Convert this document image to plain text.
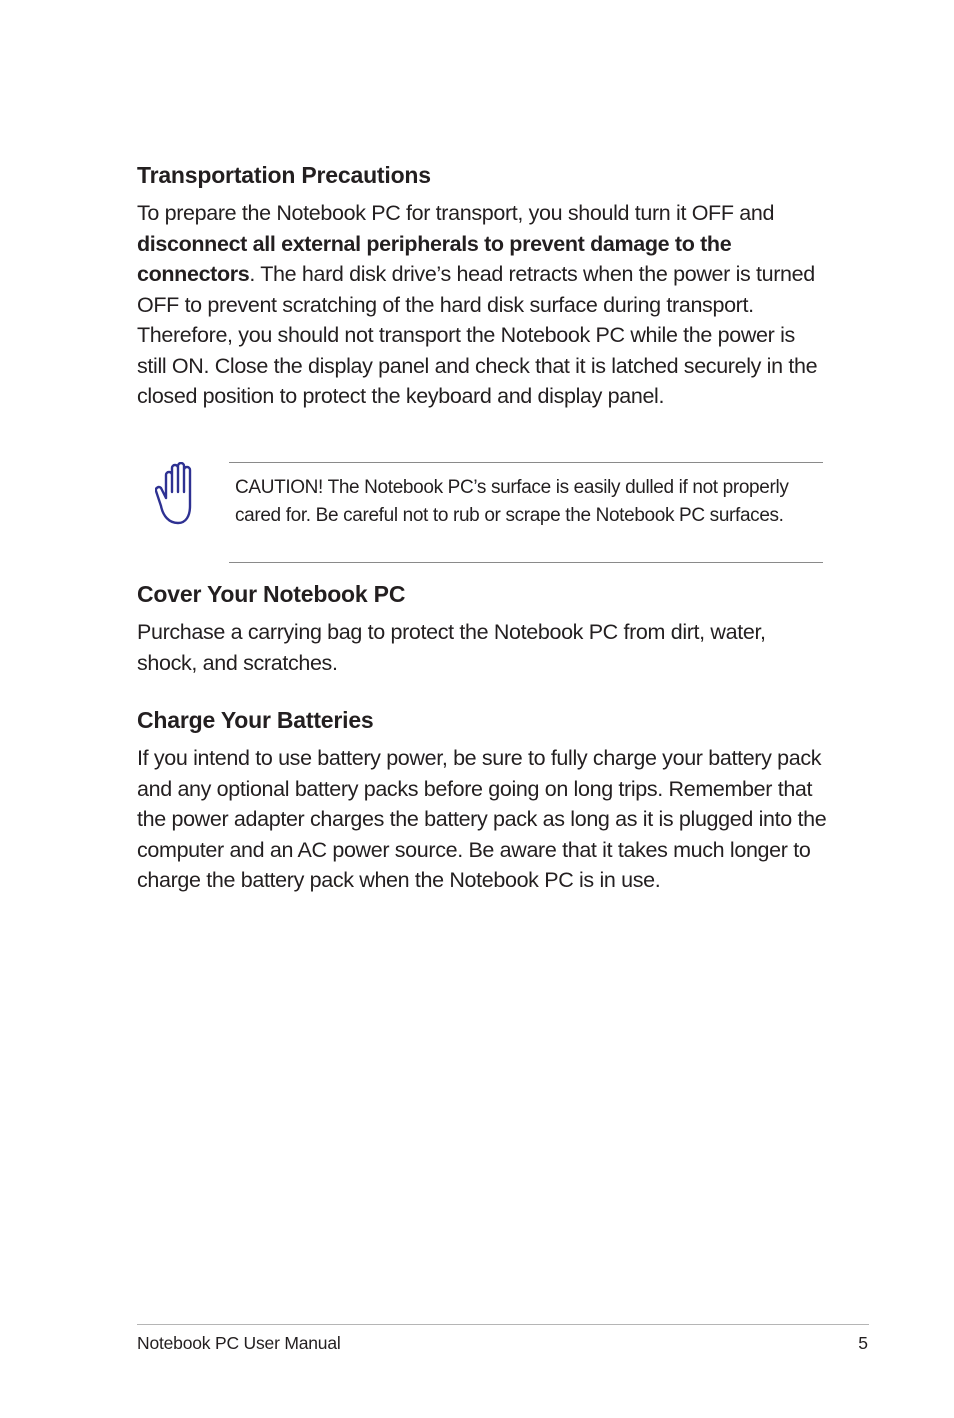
Transportation Precautions

To prepare the Notebook PC for transport, you should turn it OFF and disconnect all external peripherals to prevent damage to the connectors. The hard disk drive’s head retracts when the power is turned OFF to prevent scratching of the hard disk surface during transport. Therefore, you should not transport the Notebook PC while the power is still ON. Close the display panel and check that it is latched securely in the closed position to protect the keyboard and display panel.

CAUTION! The Notebook PC’s surface is easily dulled if not properly cared for. Be careful not to rub or scrape the Notebook PC surfaces.

Cover Your Notebook PC

Purchase a carrying bag to protect the Notebook PC from dirt, water, shock, and scratches.

Charge Your Batteries

If you intend to use battery power, be sure to fully charge your battery pack and any optional battery packs before going on long trips. Remember that the power adapter charges the battery pack as long as it is plugged into the computer and an AC power source. Be aware that it takes much longer to charge the battery pack when the Notebook PC is in use.

Notebook PC User Manual	5
